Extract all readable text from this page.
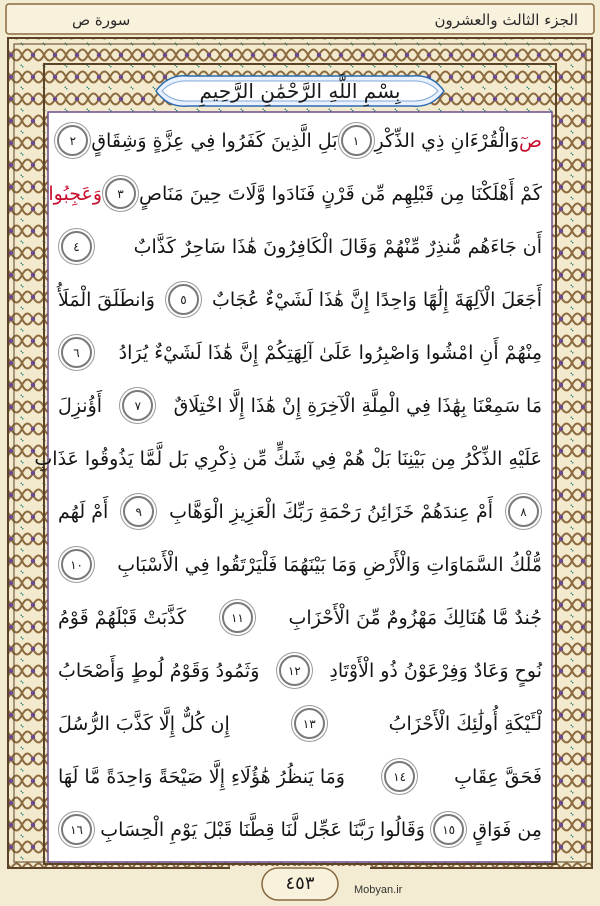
الجزء الثالث والعشرون
سورة ص
بِسْمِ اللَّهِ الرَّحْمَٰنِ الرَّحِيمِ
صٓ
وَالْقُرْءَانِ ذِي الذِّكْرِ
١
بَلِ الَّذِينَ كَفَرُوا فِي عِزَّةٍ وَشِقَاقٍ
٢
كَمْ أَهْلَكْنَا مِن قَبْلِهِم مِّن قَرْنٍ فَنَادَوا وَّلَاتَ حِينَ مَنَاصٍ
٣
وَعَجِبُوا
أَن جَاءَهُم مُّنذِرٌ مِّنْهُمْ وَقَالَ الْكَافِرُونَ هَٰذَا سَاحِرٌ كَذَّابٌ
٤
أَجَعَلَ الْآلِهَةَ إِلَٰهًا وَاحِدًا إِنَّ هَٰذَا لَشَيْءٌ عُجَابٌ
٥
وَانطَلَقَ الْمَلَأُ
مِنْهُمْ أَنِ امْشُوا وَاصْبِرُوا عَلَىٰ آلِهَتِكُمْ إِنَّ هَٰذَا لَشَيْءٌ يُرَادُ
٦
مَا سَمِعْنَا بِهَٰذَا فِي الْمِلَّةِ الْآخِرَةِ إِنْ هَٰذَا إِلَّا اخْتِلَاقٌ
٧
أَؤُنزِلَ
عَلَيْهِ الذِّكْرُ مِن بَيْنِنَا بَلْ هُمْ فِي شَكٍّ مِّن ذِكْرِي بَل لَّمَّا يَذُوقُوا عَذَابِ
٨
أَمْ عِندَهُمْ خَزَائِنُ رَحْمَةِ رَبِّكَ الْعَزِيزِ الْوَهَّابِ
٩
أَمْ لَهُم
مُّلْكُ السَّمَاوَاتِ وَالْأَرْضِ وَمَا بَيْنَهُمَا فَلْيَرْتَقُوا فِي الْأَسْبَابِ
١٠
جُندٌ مَّا هُنَالِكَ مَهْزُومٌ مِّنَ الْأَحْزَابِ
١١
كَذَّبَتْ قَبْلَهُمْ قَوْمُ
نُوحٍ وَعَادٌ وَفِرْعَوْنُ ذُو الْأَوْتَادِ
١٢
وَثَمُودُ وَقَوْمُ لُوطٍ وَأَصْحَابُ
لْـَٔيْكَةِ أُولَٰئِكَ الْأَحْزَابُ
١٣
إِن كُلٌّ إِلَّا كَذَّبَ الرُّسُلَ
فَحَقَّ عِقَابِ
١٤
وَمَا يَنظُرُ هَٰؤُلَاءِ إِلَّا صَيْحَةً وَاحِدَةً مَّا لَهَا
مِن فَوَاقٍ
١٥
وَقَالُوا رَبَّنَا عَجِّل لَّنَا قِطَّنَا قَبْلَ يَوْمِ الْحِسَابِ
١٦
٤٥٣	Mobyan.ir
